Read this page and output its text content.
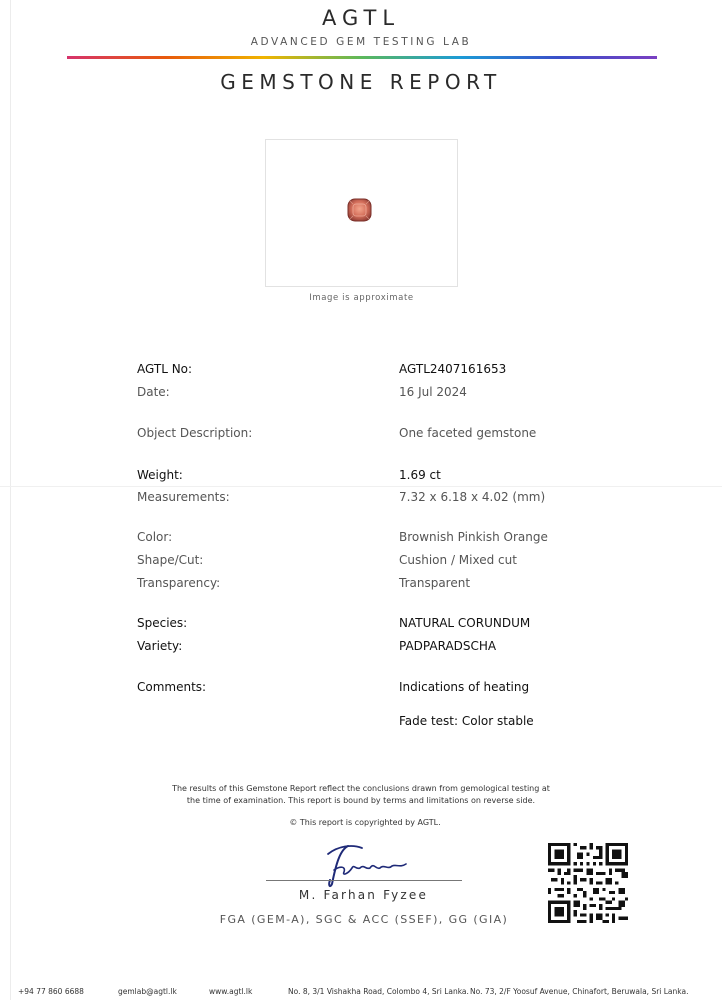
AGTL
ADVANCED GEM TESTING LAB
GEMSTONE REPORT
Image is approximate
AGTL No:	AGTL2407161653
Date:	16 Jul 2024
Object Description:	One faceted gemstone
Weight:	1.69 ct
Measurements:	7.32 x 6.18 x 4.02 (mm)
Color:	Brownish Pinkish Orange
Shape/Cut:	Cushion / Mixed cut
Transparency:	Transparent
Species:	NATURAL CORUNDUM
Variety:	PADPARADSCHA
Comments:	Indications of heating
Fade test: Color stable
The results of this Gemstone Report reflect the conclusions drawn from gemological testing at
the time of examination. This report is bound by terms and limitations on reverse side.
© This report is copyrighted by AGTL.
M. Farhan Fyzee
FGA (GEM-A), SGC & ACC (SSEF), GG (GIA)
+94 77 860 6688	gemlab@agtl.lk	www.agtl.lk	No. 8, 3/1 Vishakha Road, Colombo 4, Sri Lanka. No. 73, 2/F Yoosuf Avenue, Chinafort, Beruwala, Sri Lanka.
